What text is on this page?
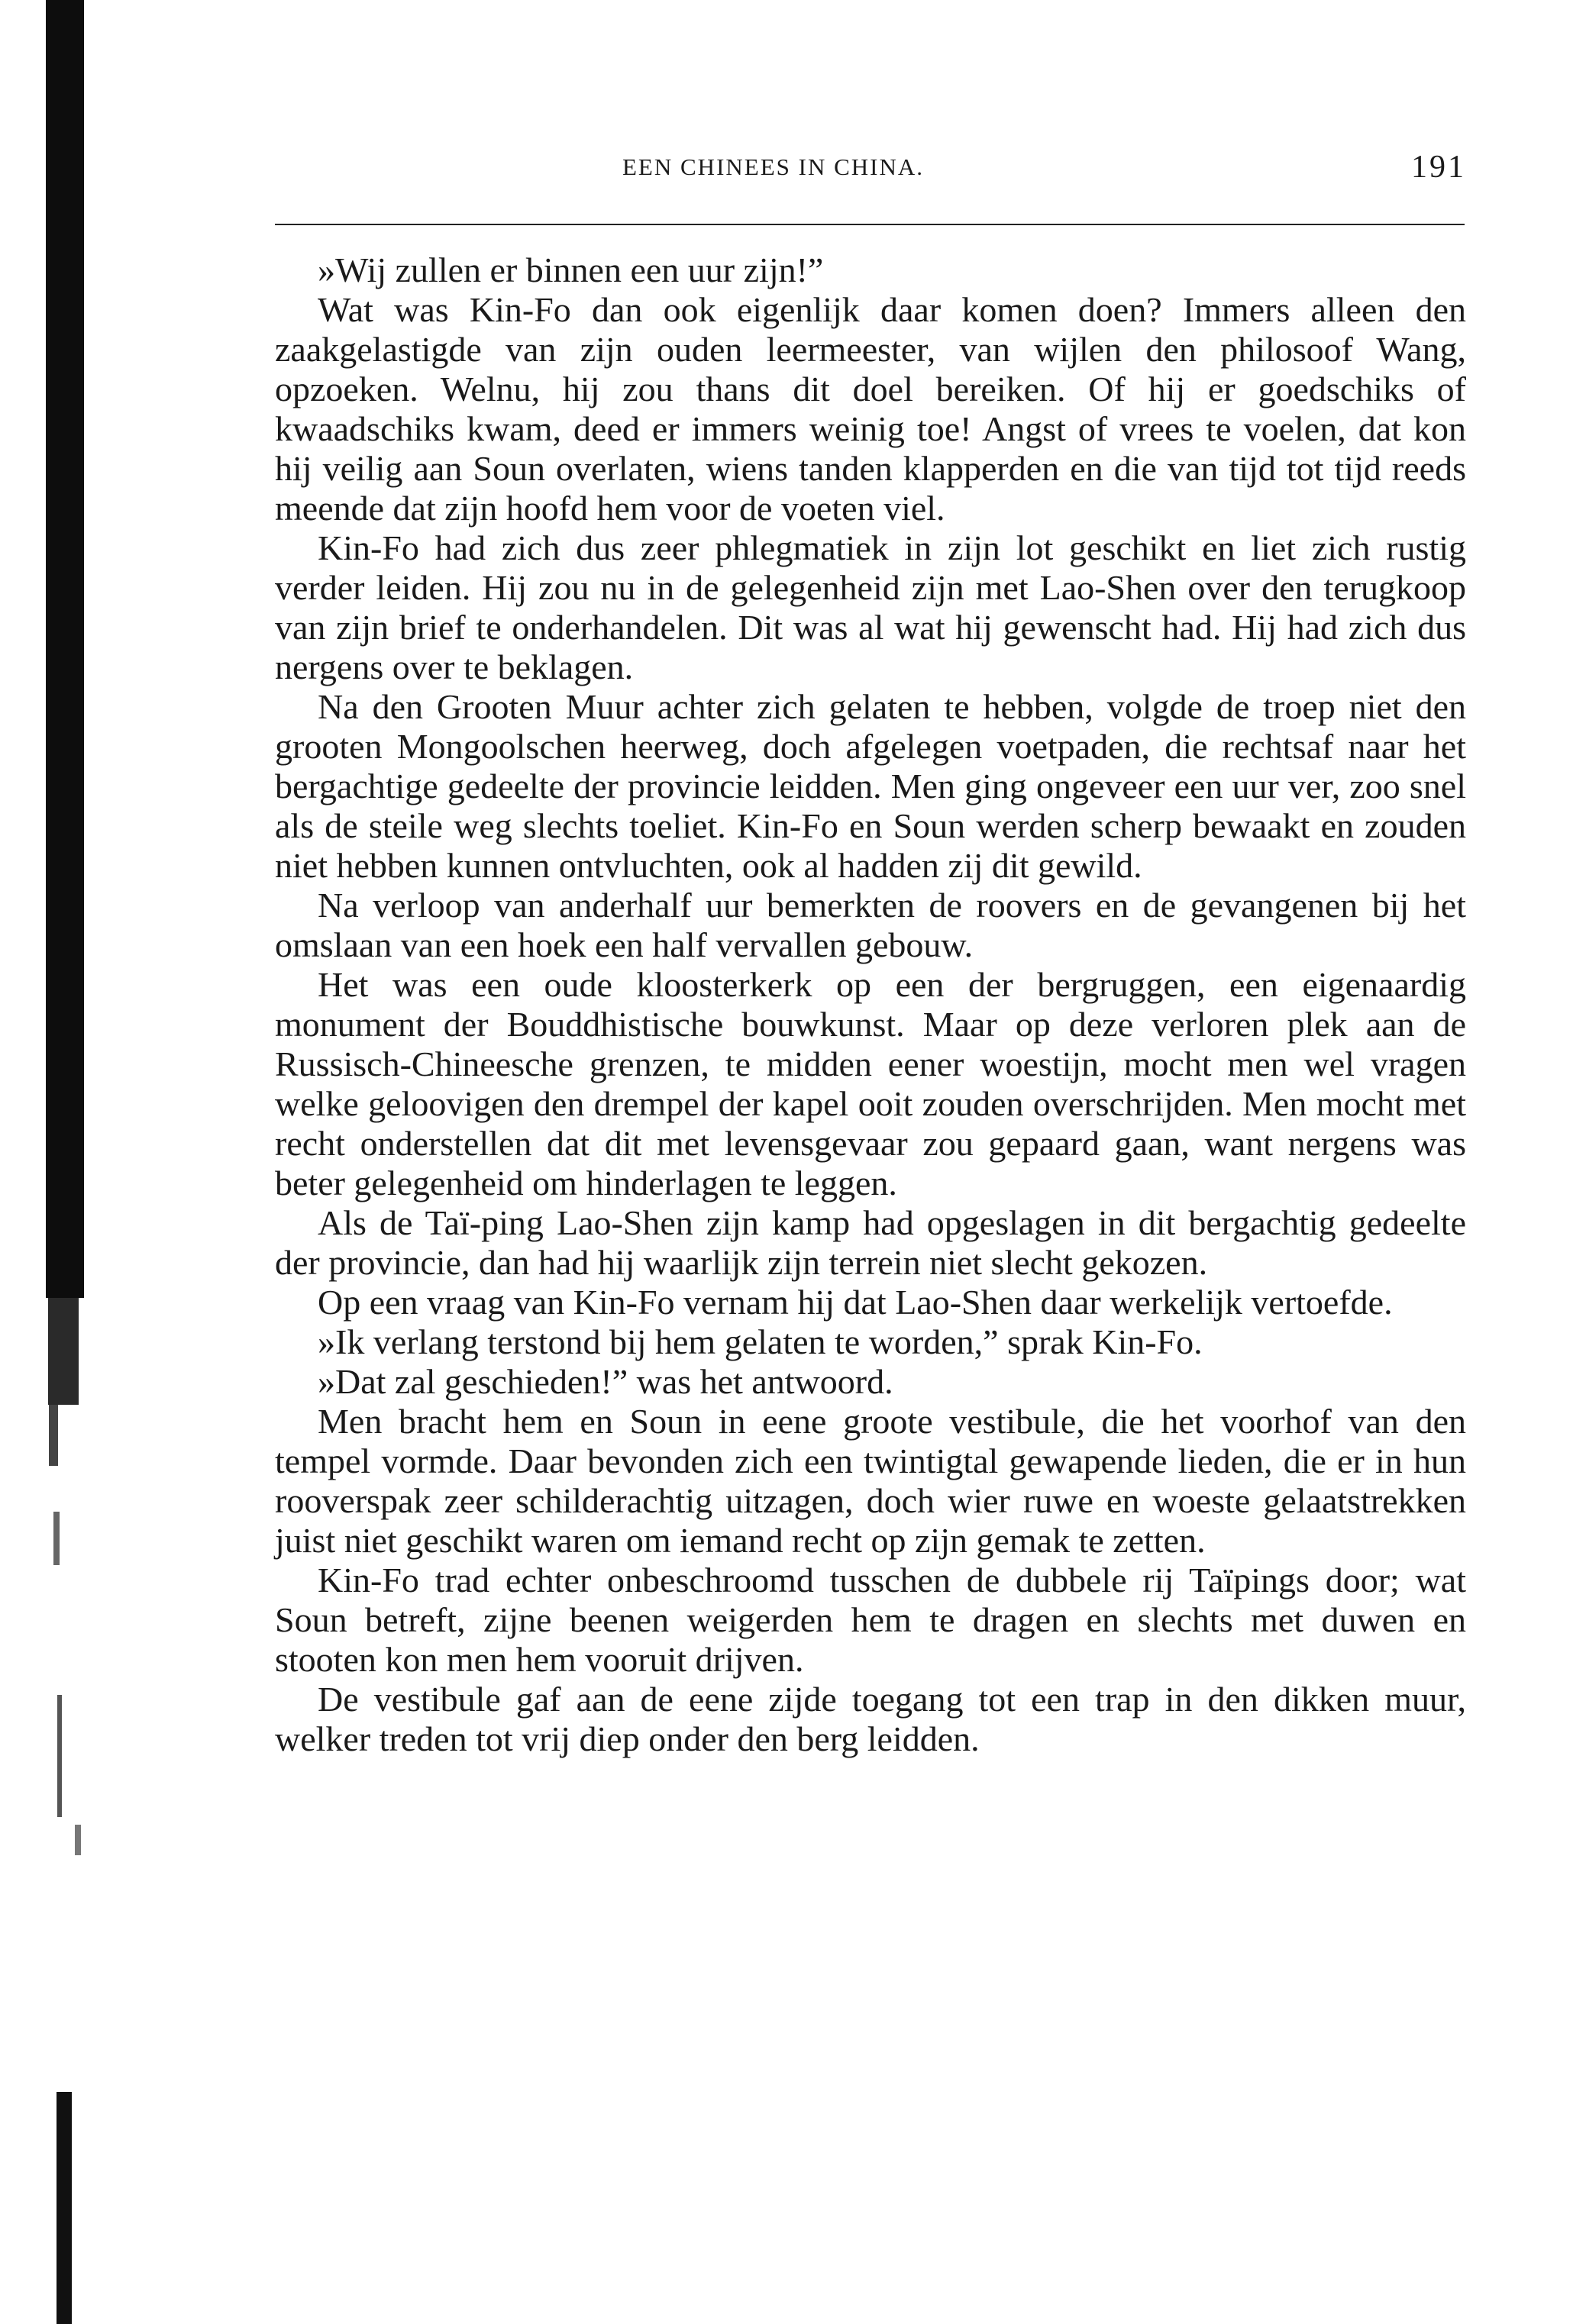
EEN CHINEES IN CHINA.	191

»Wij zullen er binnen een uur zijn!”

Wat was Kin-Fo dan ook eigenlijk daar komen doen? Immers alleen den zaakgelastigde van zijn ouden leermeester, van wijlen den philosoof Wang, opzoeken. Welnu, hij zou thans dit doel bereiken. Of hij er goedschiks of kwaadschiks kwam, deed er immers weinig toe! Angst of vrees te voelen, dat kon hij veilig aan Soun overlaten, wiens tanden klapperden en die van tijd tot tijd reeds meende dat zijn hoofd hem voor de voeten viel.

Kin-Fo had zich dus zeer phlegmatiek in zijn lot geschikt en liet zich rustig verder leiden. Hij zou nu in de gelegenheid zijn met Lao-Shen over den terugkoop van zijn brief te onderhandelen. Dit was al wat hij gewenscht had. Hij had zich dus nergens over te beklagen.

Na den Grooten Muur achter zich gelaten te hebben, volgde de troep niet den grooten Mongoolschen heerweg, doch afgelegen voetpaden, die rechtsaf naar het bergachtige gedeelte der provincie leidden. Men ging ongeveer een uur ver, zoo snel als de steile weg slechts toeliet. Kin-Fo en Soun werden scherp bewaakt en zouden niet hebben kunnen ontvluchten, ook al hadden zij dit gewild.

Na verloop van anderhalf uur bemerkten de roovers en de gevangenen bij het omslaan van een hoek een half vervallen gebouw.

Het was een oude kloosterkerk op een der bergruggen, een eigenaardig monument der Bouddhistische bouwkunst. Maar op deze verloren plek aan de Russisch-Chineesche grenzen, te midden eener woestijn, mocht men wel vragen welke geloovigen den drempel der kapel ooit zouden overschrijden. Men mocht met recht onderstellen dat dit met levensgevaar zou gepaard gaan, want nergens was beter gelegenheid om hinderlagen te leggen.

Als de Taï-ping Lao-Shen zijn kamp had opgeslagen in dit bergachtig gedeelte der provincie, dan had hij waarlijk zijn terrein niet slecht gekozen.

Op een vraag van Kin-Fo vernam hij dat Lao-Shen daar werkelijk vertoefde.

»Ik verlang terstond bij hem gelaten te worden,” sprak Kin-Fo.

»Dat zal geschieden!” was het antwoord.

Men bracht hem en Soun in eene groote vestibule, die het voorhof van den tempel vormde. Daar bevonden zich een twintigtal gewapende lieden, die er in hun rooverspak zeer schilderachtig uitzagen, doch wier ruwe en woeste gelaatstrekken juist niet geschikt waren om iemand recht op zijn gemak te zetten.

Kin-Fo trad echter onbeschroomd tusschen de dubbele rij Taïpings door; wat Soun betreft, zijne beenen weigerden hem te dragen en slechts met duwen en stooten kon men hem vooruit drijven.

De vestibule gaf aan de eene zijde toegang tot een trap in den dikken muur, welker treden tot vrij diep onder den berg leidden.
